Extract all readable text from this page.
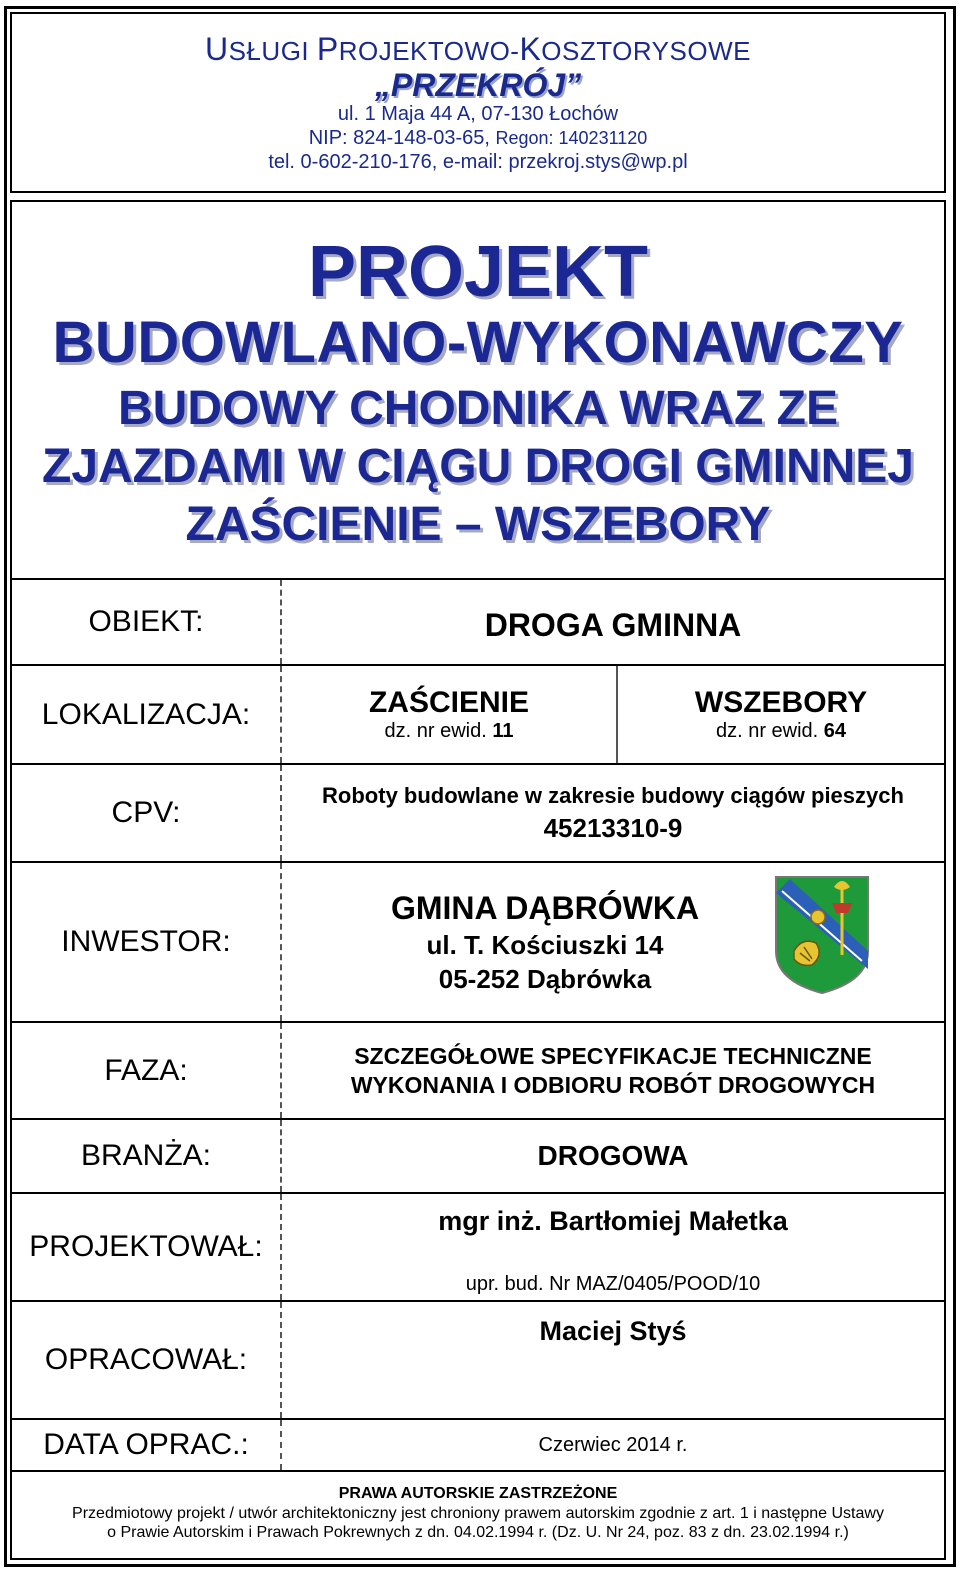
USŁUGI PROJEKTOWO-KOSZTORYSOWE
„PRZEKRÓJ”
ul. 1 Maja 44 A, 07-130 Łochów
NIP: 824-148-03-65, Regon: 140231120
tel. 0-602-210-176, e-mail: przekroj.stys@wp.pl
PROJEKT
BUDOWLANO-WYKONAWCZY
BUDOWY CHODNIKA WRAZ ZE
ZJAZDAMI W CIĄGU DROGI GMINNEJ
ZAŚCIENIE – WSZEBORY
OBIEKT:	DROGA GMINNA
LOKALIZACJA:	ZAŚCIENIE
dz. nr ewid. 11
WSZEBORY
dz. nr ewid. 64
CPV:
Roboty budowlane w zakresie budowy ciągów pieszych
45213310-9
INWESTOR:
GMINA DĄBRÓWKA
ul. T. Kościuszki 14
05-252 Dąbrówka
FAZA:	SZCZEGÓŁOWE SPECYFIKACJE TECHNICZNE
WYKONANIA I ODBIORU ROBÓT DROGOWYCH
BRANŻA:	DROGOWA
PROJEKTOWAŁ:
mgr inż. Bartłomiej Małetka
upr. bud. Nr MAZ/0405/POOD/10
OPRACOWAŁ:
Maciej Styś
DATA OPRAC.:	Czerwiec 2014 r.
PRAWA AUTORSKIE ZASTRZEŻONE
Przedmiotowy projekt / utwór architektoniczny jest chroniony prawem autorskim zgodnie z art. 1 i następne Ustawy
o Prawie Autorskim i Prawach Pokrewnych z dn. 04.02.1994 r. (Dz. U. Nr 24, poz. 83 z dn. 23.02.1994 r.)
